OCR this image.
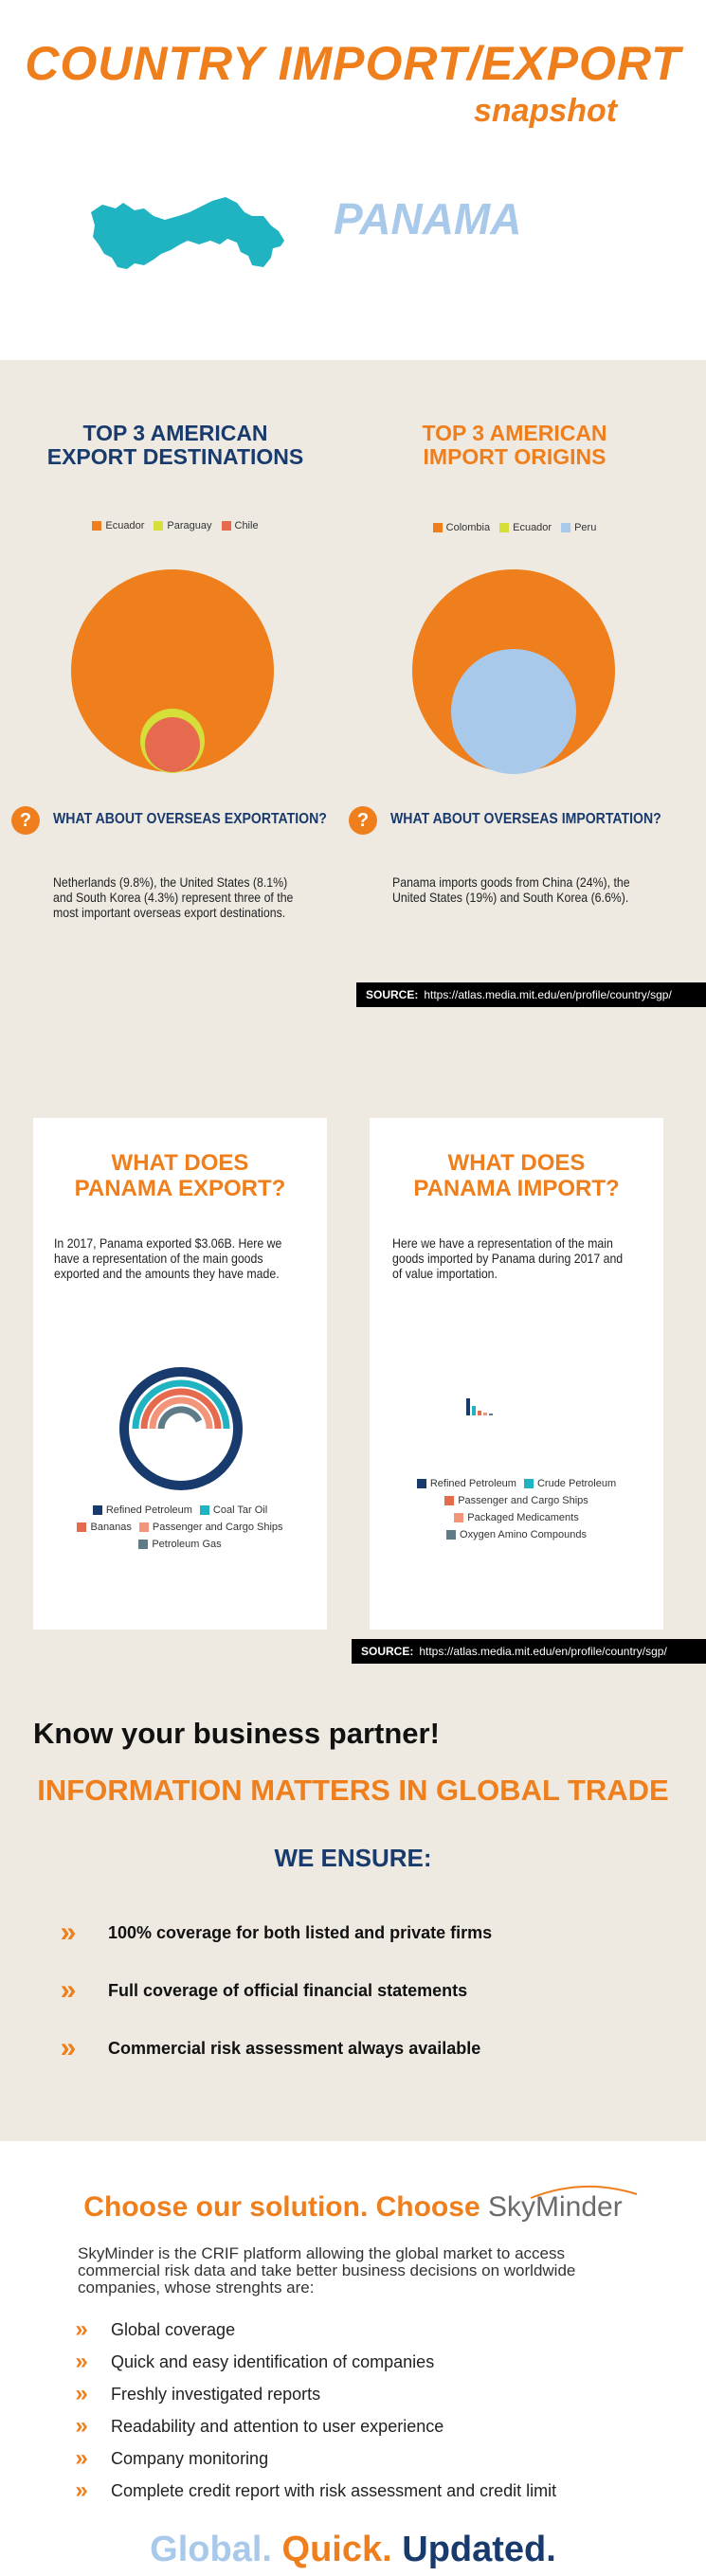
COUNTRY IMPORT/EXPORT
snapshot
PANAMA
TOP 3 AMERICAN
EXPORT DESTINATIONS
Ecuador Paraguay Chile
TOP 3 AMERICAN
IMPORT ORIGINS
Colombia Ecuador Peru
?	WHAT ABOUT OVERSEAS EXPORTATION?
Netherlands (9.8%), the United States (8.1%) and South Korea (4.3%) represent three of the most important overseas export destinations.
?	WHAT ABOUT OVERSEAS IMPORTATION?
Panama imports goods from China (24%), the United States (19%) and South Korea (6.6%).
SOURCE: https://atlas.media.mit.edu/en/profile/country/sgp/
WHAT DOES
PANAMA EXPORT?
In 2017, Panama exported $3.06B. Here we have a representation of the main goods exported and the amounts they have made.
Refined Petroleum Coal Tar Oil
Bananas Passenger and Cargo Ships
Petroleum Gas
WHAT DOES
PANAMA IMPORT?
Here we have a representation of the main goods imported by Panama during 2017 and of value importation.
Refined Petroleum Crude Petroleum
Passenger and Cargo Ships
Packaged Medicaments
Oxygen Amino Compounds
SOURCE: https://atlas.media.mit.edu/en/profile/country/sgp/
Know your business partner!
INFORMATION MATTERS IN GLOBAL TRADE
WE ENSURE:
»	100% coverage for both listed and private firms
»	Full coverage of official financial statements
»	Commercial risk assessment always available
Choose our solution. Choose SkyMinder
SkyMinder is the CRIF platform allowing the global market to access commercial risk data and take better business decisions on worldwide companies, whose strenghts are:
» Global coverage
» Quick and easy identification of companies
» Freshly investigated reports
» Readability and attention to user experience
» Company monitoring
» Complete credit report with risk assessment and credit limit
Global. Quick. Updated.
